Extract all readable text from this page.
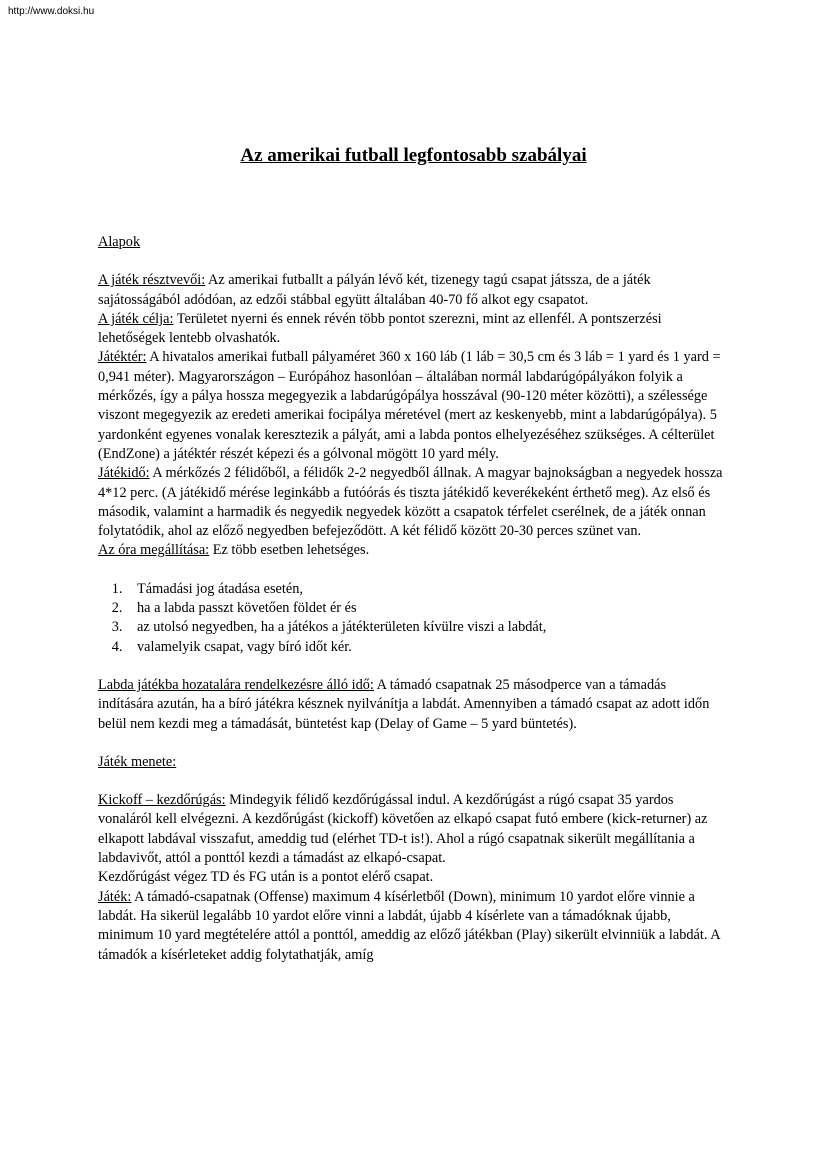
http://www.doksi.hu
Az amerikai futball legfontosabb szabályai

Alapok

A játék résztvevői: Az amerikai futballt a pályán lévő két, tizenegy tagú csapat játssza, de a játék sajátosságából adódóan, az edzői stábbal együtt általában 40-70 fő alkot egy csapatot.

A játék célja: Területet nyerni és ennek révén több pontot szerezni, mint az ellenfél. A pontszerzési lehetőségek lentebb olvashatók.

Játéktér: A hivatalos amerikai futball pályaméret 360 x 160 láb (1 láb = 30,5 cm és 3 láb = 1 yard és 1 yard = 0,941 méter). Magyarországon – Európához hasonlóan – általában normál labdarúgópályákon folyik a mérkőzés, így a pálya hossza megegyezik a labdarúgópálya hosszával (90-120 méter közötti), a szélessége viszont megegyezik az eredeti amerikai focipálya méretével (mert az keskenyebb, mint a labdarúgópálya). 5 yardonként egyenes vonalak keresztezik a pályát, ami a labda pontos elhelyezéséhez szükséges. A célterület (EndZone) a játéktér részét képezi és a gólvonal mögött 10 yard mély.

Játékidő: A mérkőzés 2 félidőből, a félidők 2-2 negyedből állnak. A magyar bajnokságban a negyedek hossza 4*12 perc. (A játékidő mérése leginkább a futóórás és tiszta játékidő keverékeként érthető meg). Az első és második, valamint a harmadik és negyedik negyedek között a csapatok térfelet cserélnek, de a játék onnan folytatódik, ahol az előző negyedben befejeződött. A két félidő között 20-30 perces szünet van.

Az óra megállítása: Ez több esetben lehetséges.

1. Támadási jog átadása esetén,
2. ha a labda passzt követően földet ér és
3. az utolsó negyedben, ha a játékos a játékterületen kívülre viszi a labdát,
4. valamelyik csapat, vagy bíró időt kér.

Labda játékba hozatalára rendelkezésre álló idő: A támadó csapatnak 25 másodperce van a támadás indítására azután, ha a bíró játékra késznek nyilvánítja a labdát. Amennyiben a támadó csapat az adott időn belül nem kezdi meg a támadását, büntetést kap (Delay of Game – 5 yard büntetés).

Játék menete:

Kickoff – kezdőrúgás: Mindegyik félidő kezdőrúgással indul. A kezdőrúgást a rúgó csapat 35 yardos vonaláról kell elvégezni. A kezdőrúgást (kickoff) követően az elkapó csapat futó embere (kick-returner) az elkapott labdával visszafut, ameddig tud (elérhet TD-t is!). Ahol a rúgó csapatnak sikerült megállítania a labdavivőt, attól a ponttól kezdi a támadást az elkapó-csapat.

Kezdőrúgást végez TD és FG után is a pontot elérő csapat.

Játék: A támadó-csapatnak (Offense) maximum 4 kísérletből (Down), minimum 10 yardot előre vinnie a labdát. Ha sikerül legalább 10 yardot előre vinni a labdát, újabb 4 kísérlete van a támadóknak újabb, minimum 10 yard megtételére attól a ponttól, ameddig az előző játékban (Play) sikerült elvinniük a labdát. A támadók a kísérleteket addig folytathatják, amíg
